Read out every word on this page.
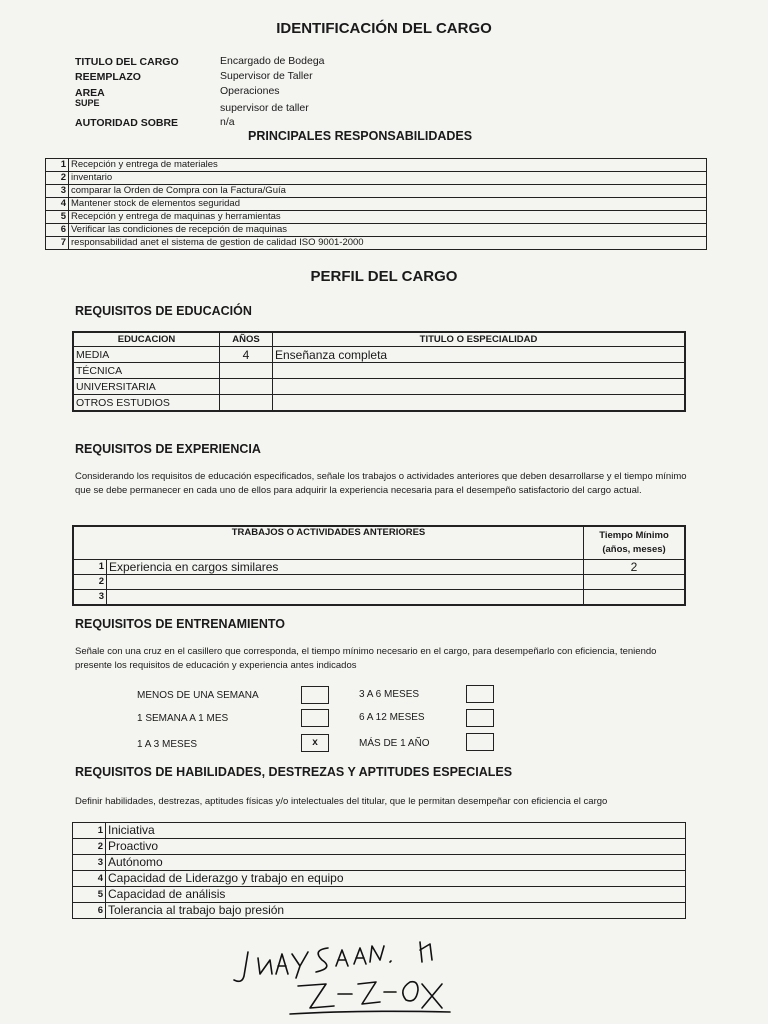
IDENTIFICACIÓN DEL CARGO
TITULO DEL CARGO	Encargado de Bodega
REEMPLAZO	Supervisor de Taller
AREA	Operaciones
SUPE	supervisor de taller
AUTORIDAD SOBRE	n/a
PRINCIPALES RESPONSABILIDADES
1	Recepción y entrega de materiales
2	inventario
3	comparar la Orden de Compra con la Factura/Guía
4	Mantener stock de elementos seguridad
5	Recepción y entrega de maquinas y herramientas
6	Verificar las condiciones de recepción de maquinas
7	responsabilidad anet el sistema de gestion de calidad ISO 9001-2000
PERFIL DEL CARGO
REQUISITOS DE EDUCACIÓN
EDUCACION	AÑOS	TITULO O ESPECIALIDAD
MEDIA	4	Enseñanza completa
TÉCNICA		
UNIVERSITARIA		
OTROS ESTUDIOS		
REQUISITOS DE EXPERIENCIA
Considerando los requisitos de educación especificados, señale los trabajos o actividades anteriores que deben desarrollarse y el tiempo mínimo que se debe permanecer en cada uno de ellos para adquirir la experiencia necesaria para el desempeño satisfactorio del cargo actual.
TRABAJOS O ACTIVIDADES ANTERIORES		Tiempo Mínimo
(años, meses)

1	Experiencia en cargos similares	2
2		
3		
REQUISITOS DE ENTRENAMIENTO
Señale con una cruz en el casillero que corresponda, el tiempo mínimo necesario en el cargo, para desempeñarlo con eficiencia, teniendo presente los requisitos de educación y experiencia antes indicados
MENOS DE UNA SEMANA	3 A 6 MESES
1 SEMANA A 1 MES	6 A 12 MESES
1 A 3 MESES	x	MÁS DE 1 AÑO
REQUISITOS DE HABILIDADES, DESTREZAS Y APTITUDES ESPECIALES
Definir habilidades, destrezas, aptitudes físicas y/o intelectuales del titular, que le permitan desempeñar con eficiencia el cargo
1	Iniciativa
2	Proactivo
3	Autónomo
4	Capacidad de Liderazgo y trabajo en equipo
5	Capacidad de análisis
6	Tolerancia al trabajo bajo presión
